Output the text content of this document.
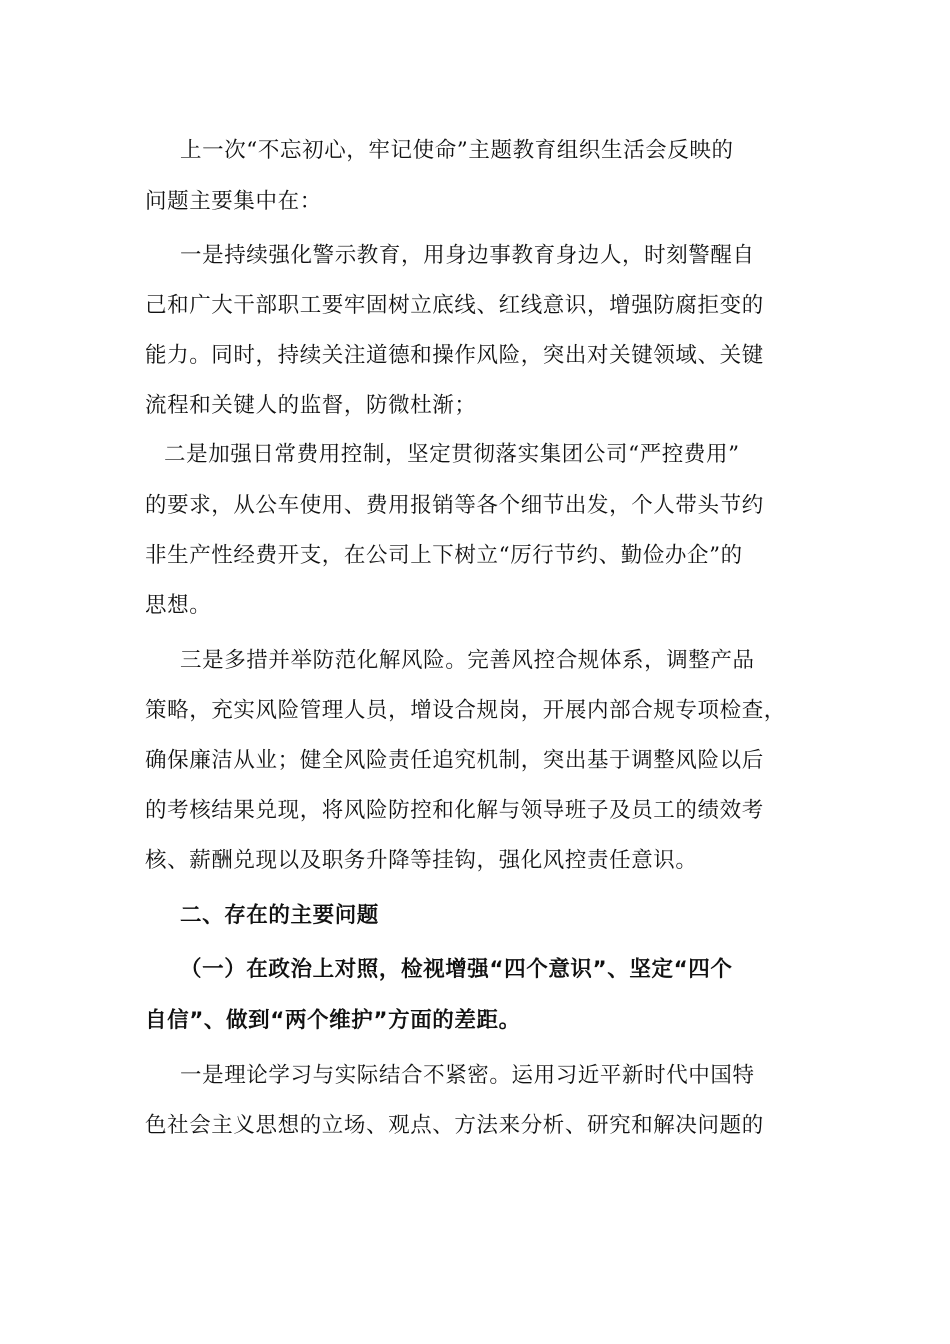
上一次“不忘初心，牢记使命”主题教育组织生活会反映的
问题主要集中在：
一是持续强化警示教育，用身边事教育身边人，时刻警醒自
己和广大干部职工要牢固树立底线、红线意识，增强防腐拒变的
能力。同时，持续关注道德和操作风险，突出对关键领域、关键
流程和关键人的监督，防微杜渐；
二是加强日常费用控制，坚定贯彻落实集团公司“严控费用”
的要求，从公车使用、费用报销等各个细节出发，个人带头节约
非生产性经费开支，在公司上下树立“厉行节约、勤俭办企”的
思想。
三是多措并举防范化解风险。完善风控合规体系，调整产品
策略，充实风险管理人员，增设合规岗，开展内部合规专项检查，
确保廉洁从业；健全风险责任追究机制，突出基于调整风险以后
的考核结果兑现，将风险防控和化解与领导班子及员工的绩效考
核、薪酬兑现以及职务升降等挂钩，强化风控责任意识。
二、存在的主要问题
（一）在政治上对照，检视增强“四个意识”、坚定“四个
自信”、做到“两个维护”方面的差距。
一是理论学习与实际结合不紧密。运用习近平新时代中国特
色社会主义思想的立场、观点、方法来分析、研究和解决问题的
